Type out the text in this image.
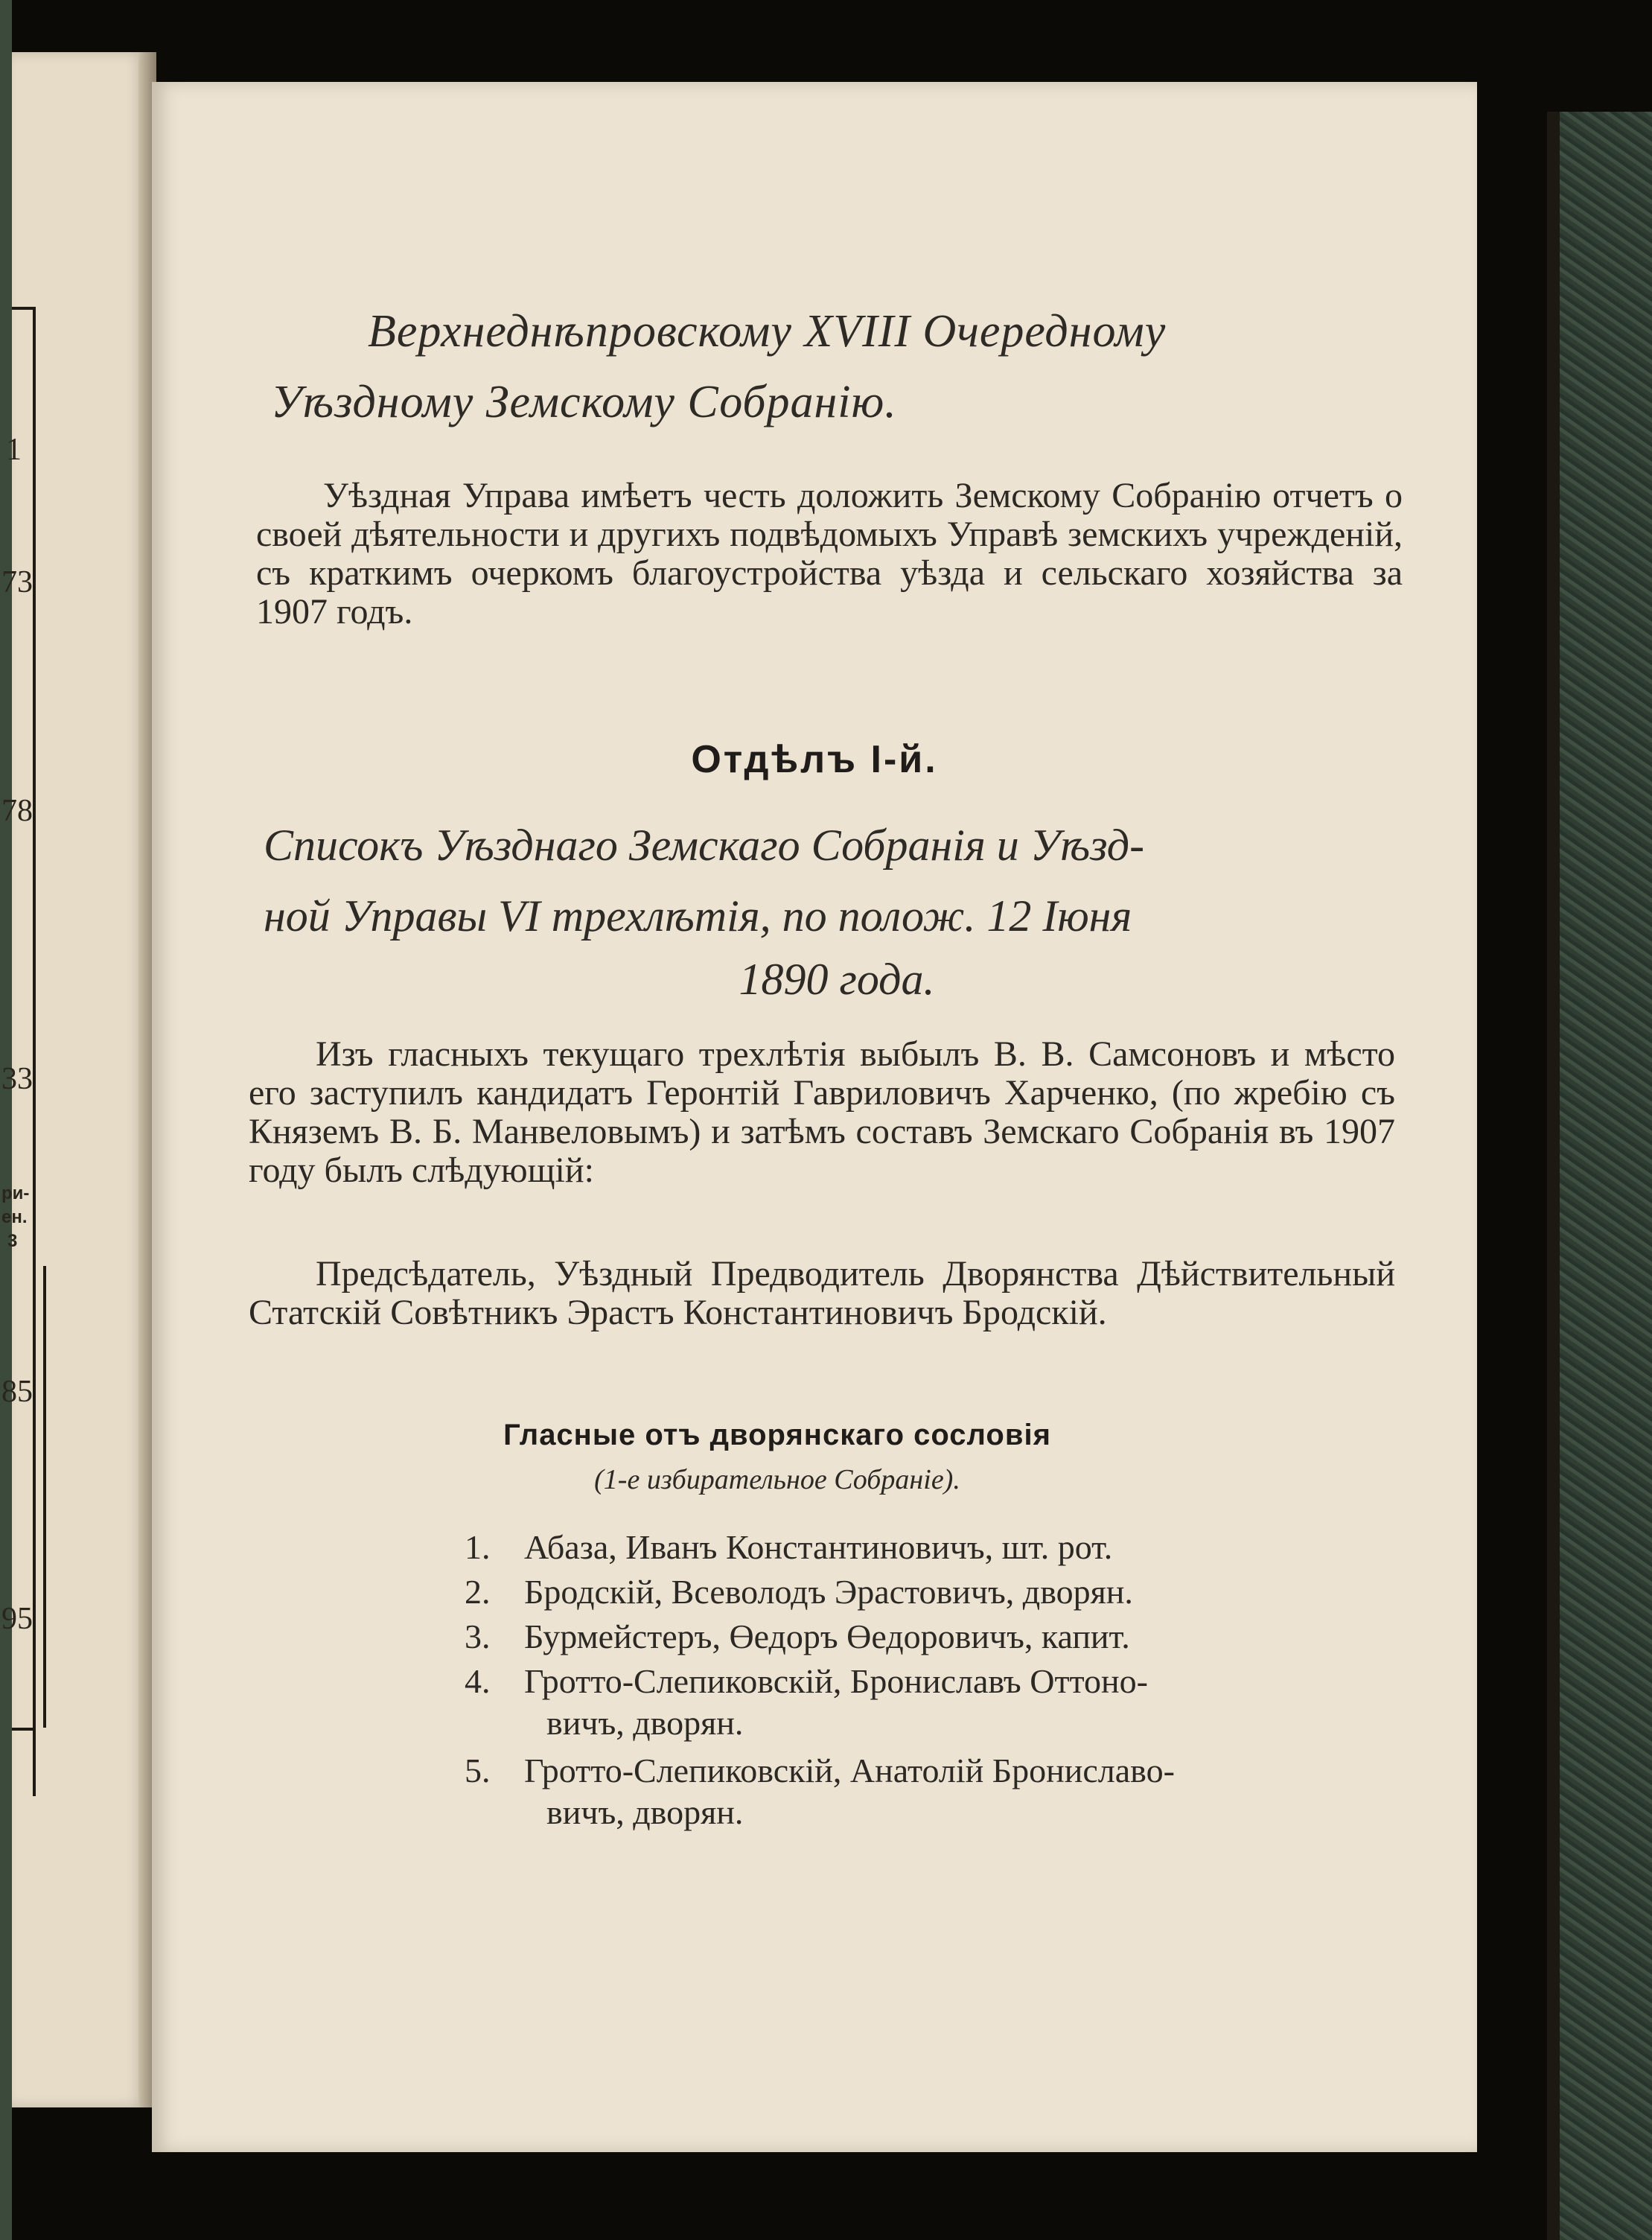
1
73
78
33
ри-
ен.
3
85
95
Верхнеднѣпровскому XVIII Очередному
Уѣздному Земскому Собранію.
Уѣздная Управа имѣетъ честь доложить Земскому Собранію отчетъ о своей дѣятельности и другихъ подвѣдомыхъ Управѣ земскихъ учрежденій, съ краткимъ очеркомъ благоустройства уѣзда и сельскаго хозяйства за 1907 годъ.
Отдѣлъ I-й.
Списокъ Уѣзднаго Земскаго Собранія и Уѣзд-
ной Управы VI трехлѣтія, по полож. 12 Іюня
1890 года.
Изъ гласныхъ текущаго трехлѣтія выбылъ В. В. Самсоновъ и мѣсто его заступилъ кандидатъ Геронтій Гавриловичъ Харченко, (по жребію съ Княземъ В. Б. Манвеловымъ) и затѣмъ составъ Земскаго Собранія въ 1907 году былъ слѣдующій:
Предсѣдатель, Уѣздный Предводитель Дворянства Дѣйствительный Статскій Совѣтникъ Эрастъ Константиновичъ Бродскій.
Гласные отъ дворянскаго сословія
(1-е избирательное Собраніе).
1. Абаза, Иванъ Константиновичъ, шт. рот.
2. Бродскій, Всеволодъ Эрастовичъ, дворян.
3. Бурмейстеръ, Өедоръ Өедоровичъ, капит.
4. Гротто-Слепиковскій, Брониславъ Оттоно-
вичъ, дворян.
5. Гротто-Слепиковскій, Анатолій Брониславо-
вичъ, дворян.
